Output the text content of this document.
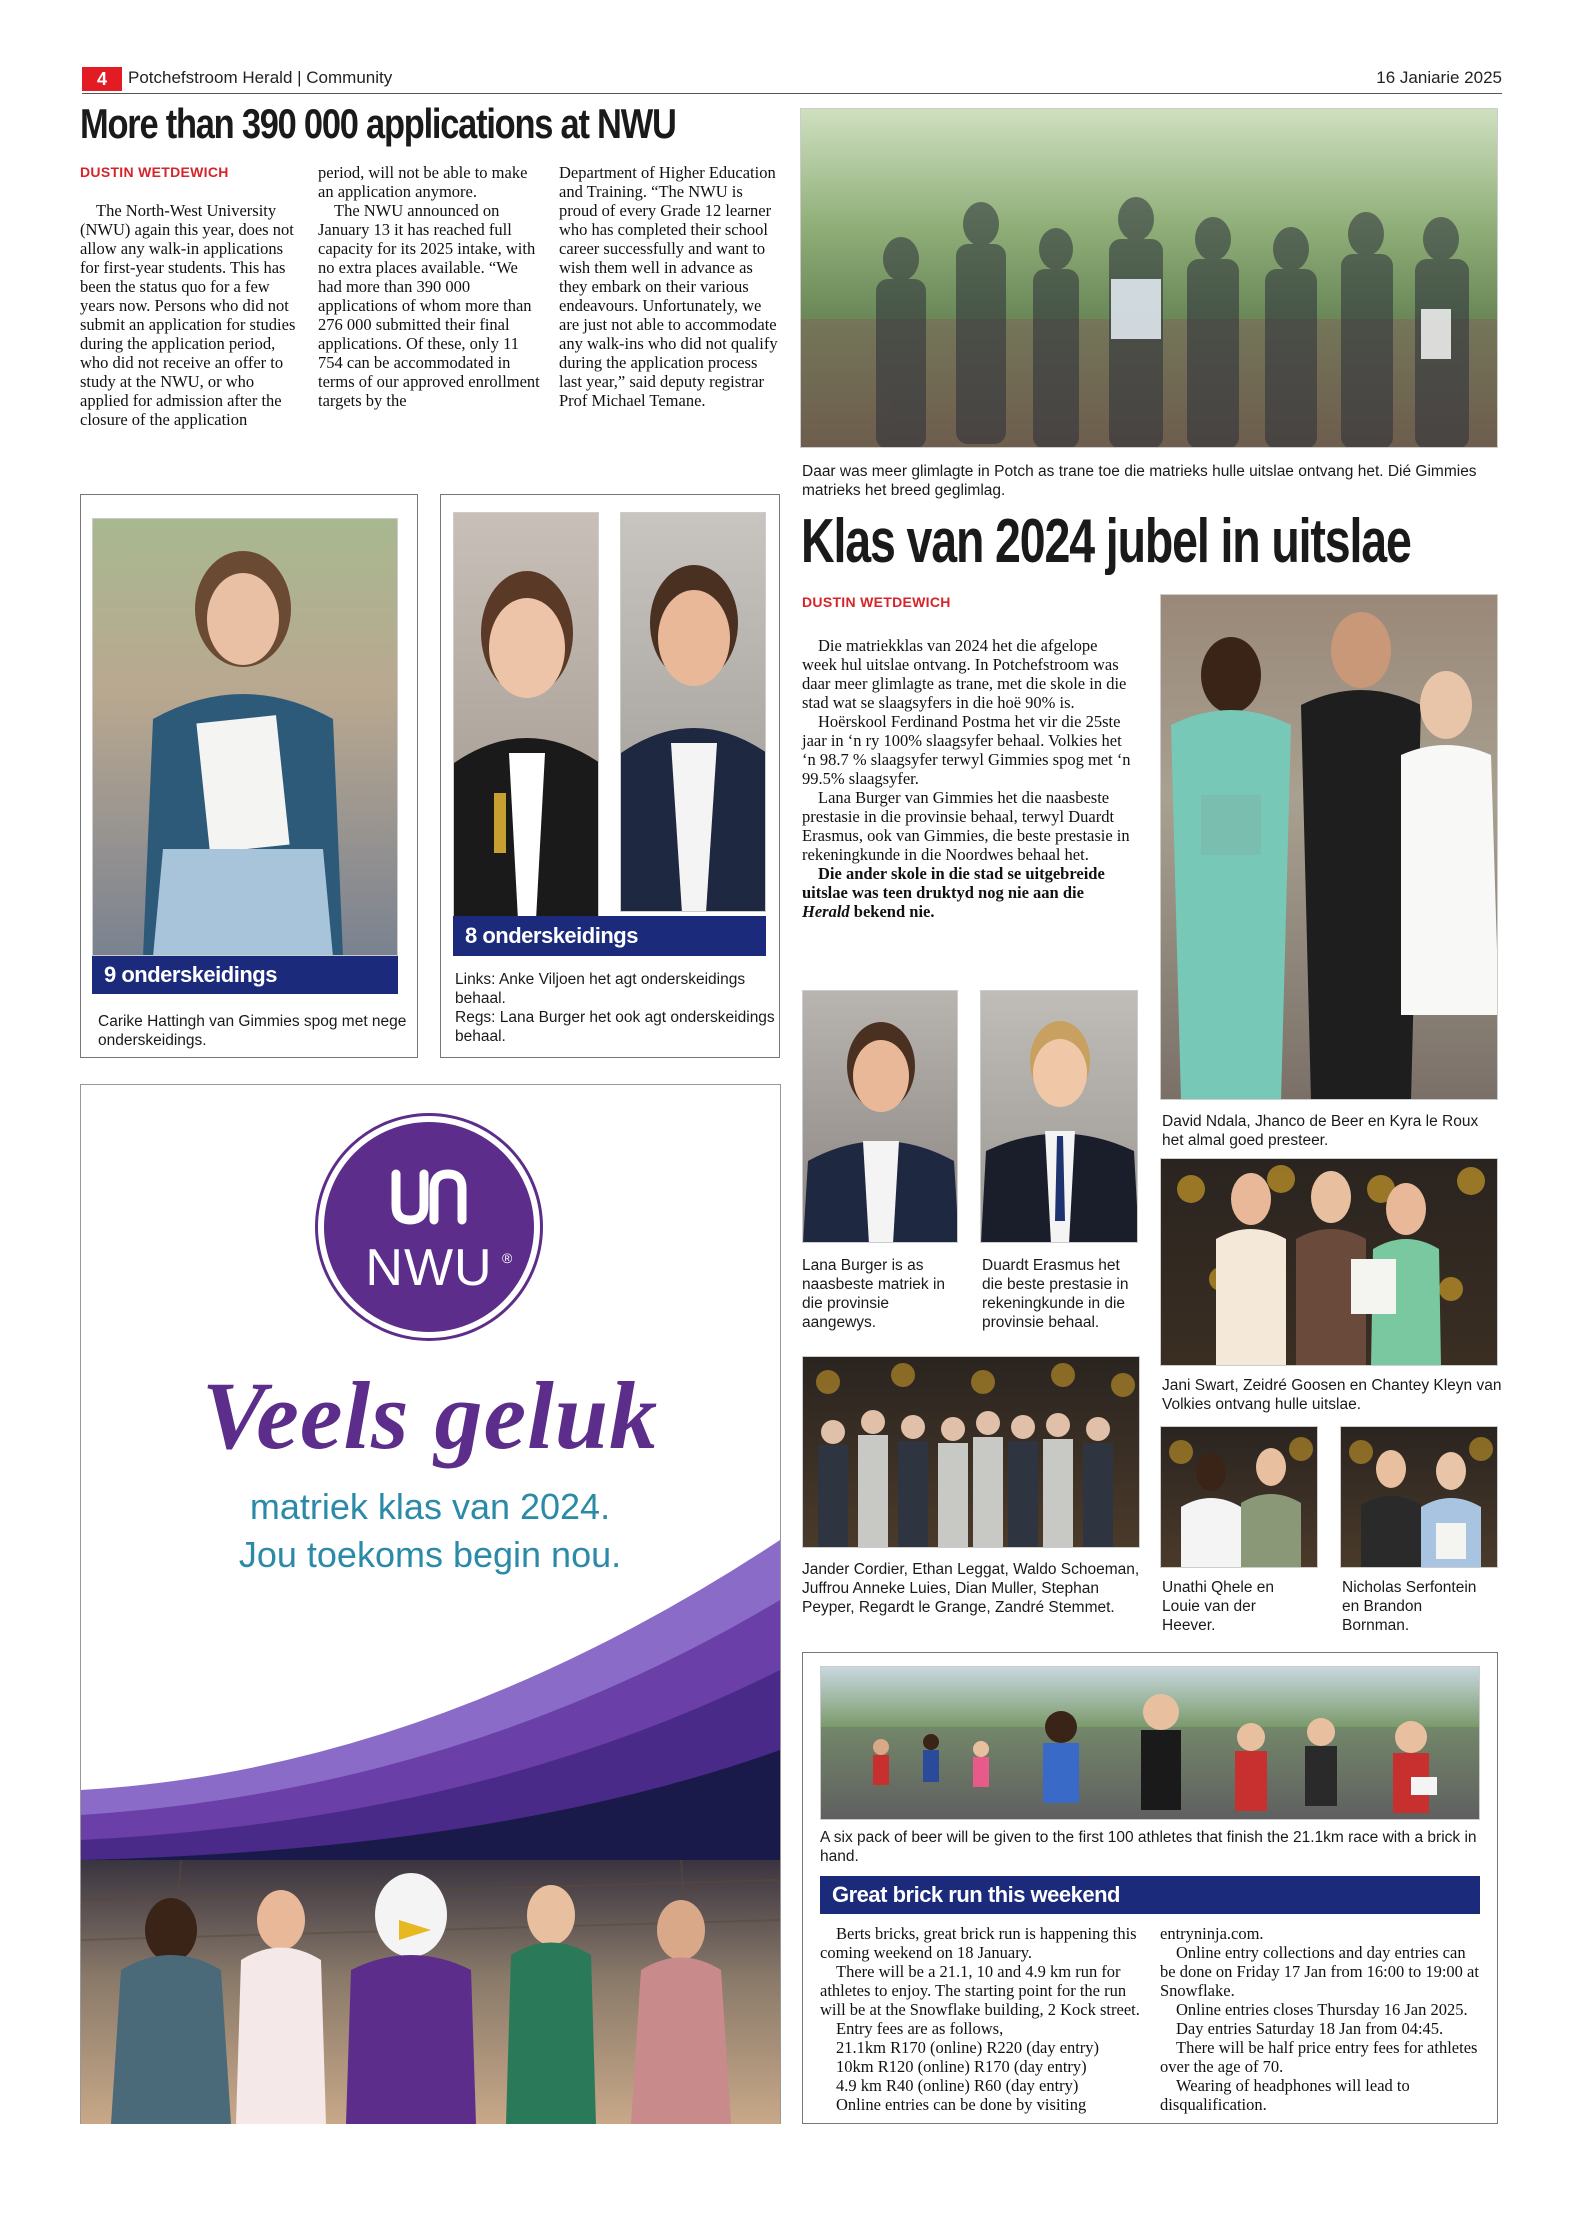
4	Potchefstroom Herald | Community	16 Janiarie 2025
More than 390 000 applications at NWU
DUSTIN WETDEWICH

The North-West University (NWU) again this year, does not allow any walk-in applications for first-year students. This has been the status quo for a few years now. Persons who did not submit an application for studies during the application period, who did not receive an offer to study at the NWU, or who applied for admission after the closure of the application

period, will not be able to make an application anymore.

The NWU announced on January 13 it has reached full capacity for its 2025 intake, with no extra places available. “We had more than 390 000 applications of whom more than 276 000 submitted their final applications. Of these, only 11 754 can be accommodated in terms of our approved enrollment targets by the

Department of Higher Education and Training. “The NWU is proud of every Grade 12 learner who has completed their school career successfully and want to wish them well in advance as they embark on their various endeavours. Unfortunately, we are just not able to accommodate any walk-ins who did not qualify during the application process last year,” said deputy registrar Prof Michael Temane.
Daar was meer glimlagte in Potch as trane toe die matrieks hulle uitslae ontvang het. Dié Gimmies matrieks het breed geglimlag.
9 onderskeidings
Carike Hattingh van Gimmies spog met nege onderskeidings.
8 onderskeidings
Links: Anke Viljoen het agt onderskeidings behaal.
Regs: Lana Burger het ook agt onderskeidings behaal.
Klas van 2024 jubel in uitslae
DUSTIN WETDEWICH

Die matriekklas van 2024 het die afgelope week hul uitslae ontvang. In Potchefstroom was daar meer glimlagte as trane, met die skole in die stad wat se slaagsyfers in die hoë 90% is.

Hoërskool Ferdinand Postma het vir die 25ste jaar in ‘n ry 100% slaagsyfer behaal. Volkies het ‘n 98.7 % slaagsyfer terwyl Gimmies spog met ‘n 99.5% slaagsyfer.

Lana Burger van Gimmies het die naasbeste prestasie in die provinsie behaal, terwyl Duardt Erasmus, ook van Gimmies, die beste prestasie in rekeningkunde in die Noordwes behaal het.

Die ander skole in die stad se uitgebreide uitslae was teen druktyd nog nie aan die Herald bekend nie.

David Ndala, Jhanco de Beer en Kyra le Roux het almal goed presteer.
Lana Burger is as naasbeste matriek in die provinsie aangewys.
Duardt Erasmus het die beste prestasie in rekeningkunde in die provinsie behaal.
Jani Swart, Zeidré Goosen en Chantey Kleyn van Volkies ontvang hulle uitslae.
Jander Cordier, Ethan Leggat, Waldo Schoeman, Juffrou Anneke Luies, Dian Muller, Stephan Peyper, Regardt le Grange, Zandré Stemmet.
Unathi Qhele en Louie van der Heever.
Nicholas Serfontein en Brandon Bornman.
NWU ®
Veels geluk
matriek klas van 2024.
Jou toekoms begin nou.
A six pack of beer will be given to the first 100 athletes that finish the 21.1km race with a brick in hand.
Great brick run this weekend
Berts bricks, great brick run is happening this coming weekend on 18 January.
There will be a 21.1, 10 and 4.9 km run for athletes to enjoy. The starting point for the run will be at the Snowflake building, 2 Kock street.
Entry fees are as follows,
21.1km R170 (online) R220 (day entry)
10km R120 (online) R170 (day entry)
4.9 km R40 (online) R60 (day entry)
Online entries can be done by visiting
entryninja.com.
Online entry collections and day entries can be done on Friday 17 Jan from 16:00 to 19:00 at Snowflake.
Online entries closes Thursday 16 Jan 2025.
Day entries Saturday 18 Jan from 04:45.
There will be half price entry fees for athletes over the age of 70.
Wearing of headphones will lead to disqualification.
